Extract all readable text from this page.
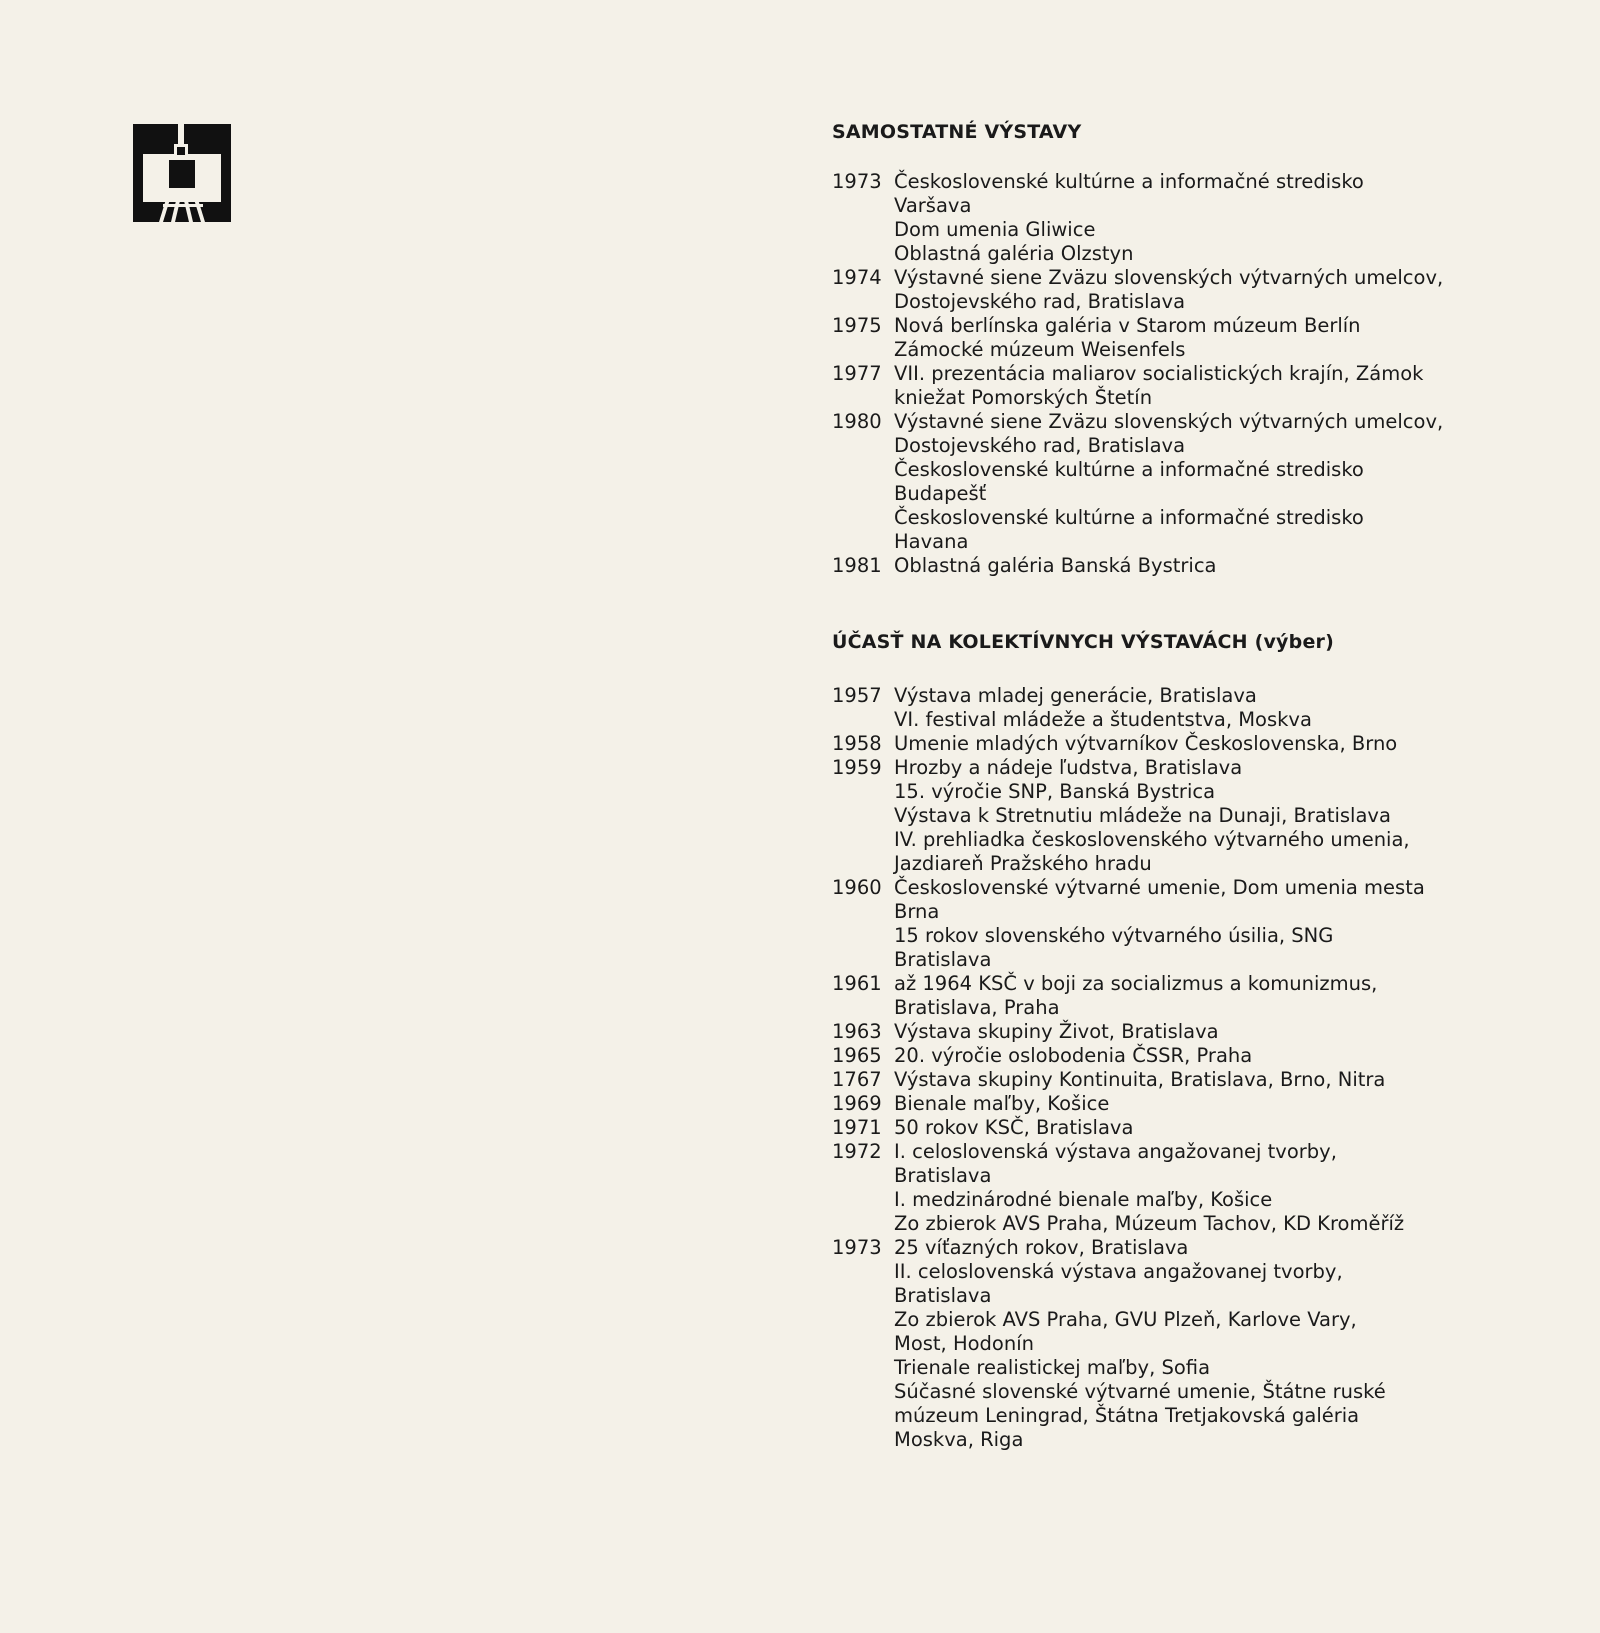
SAMOSTATNÉ VÝSTAVY
1973 Československé kultúrne a informačné stredisko
Varšava
Dom umenia Gliwice
Oblastná galéria Olzstyn
1974 Výstavné siene Zväzu slovenských výtvarných umelcov,
Dostojevského rad, Bratislava
1975 Nová berlínska galéria v Starom múzeum Berlín
Zámocké múzeum Weisenfels
1977 VII. prezentácia maliarov socialistických krajín, Zámok
kniežat Pomorských Štetín
1980 Výstavné siene Zväzu slovenských výtvarných umelcov,
Dostojevského rad, Bratislava
Československé kultúrne a informačné stredisko
Budapešť
Československé kultúrne a informačné stredisko
Havana
1981 Oblastná galéria Banská Bystrica
ÚČASŤ NA KOLEKTÍVNYCH VÝSTAVÁCH (výber)
1957 Výstava mladej generácie, Bratislava
VI. festival mládeže a študentstva, Moskva
1958 Umenie mladých výtvarníkov Československa, Brno
1959 Hrozby a nádeje ľudstva, Bratislava
15. výročie SNP, Banská Bystrica
Výstava k Stretnutiu mládeže na Dunaji, Bratislava
IV. prehliadka československého výtvarného umenia,
Jazdiareň Pražského hradu
1960 Československé výtvarné umenie, Dom umenia mesta
Brna
15 rokov slovenského výtvarného úsilia, SNG
Bratislava
1961 až 1964 KSČ v boji za socializmus a komunizmus,
Bratislava, Praha
1963 Výstava skupiny Život, Bratislava
1965 20. výročie oslobodenia ČSSR, Praha
1767 Výstava skupiny Kontinuita, Bratislava, Brno, Nitra
1969 Bienale maľby, Košice
1971 50 rokov KSČ, Bratislava
1972 I. celoslovenská výstava angažovanej tvorby,
Bratislava
I. medzinárodné bienale maľby, Košice
Zo zbierok AVS Praha, Múzeum Tachov, KD Kroměříž
1973 25 víťazných rokov, Bratislava
II. celoslovenská výstava angažovanej tvorby,
Bratislava
Zo zbierok AVS Praha, GVU Plzeň, Karlove Vary,
Most, Hodonín
Trienale realistickej maľby, Sofia
Súčasné slovenské výtvarné umenie, Štátne ruské
múzeum Leningrad, Štátna Tretjakovská galéria
Moskva, Riga
